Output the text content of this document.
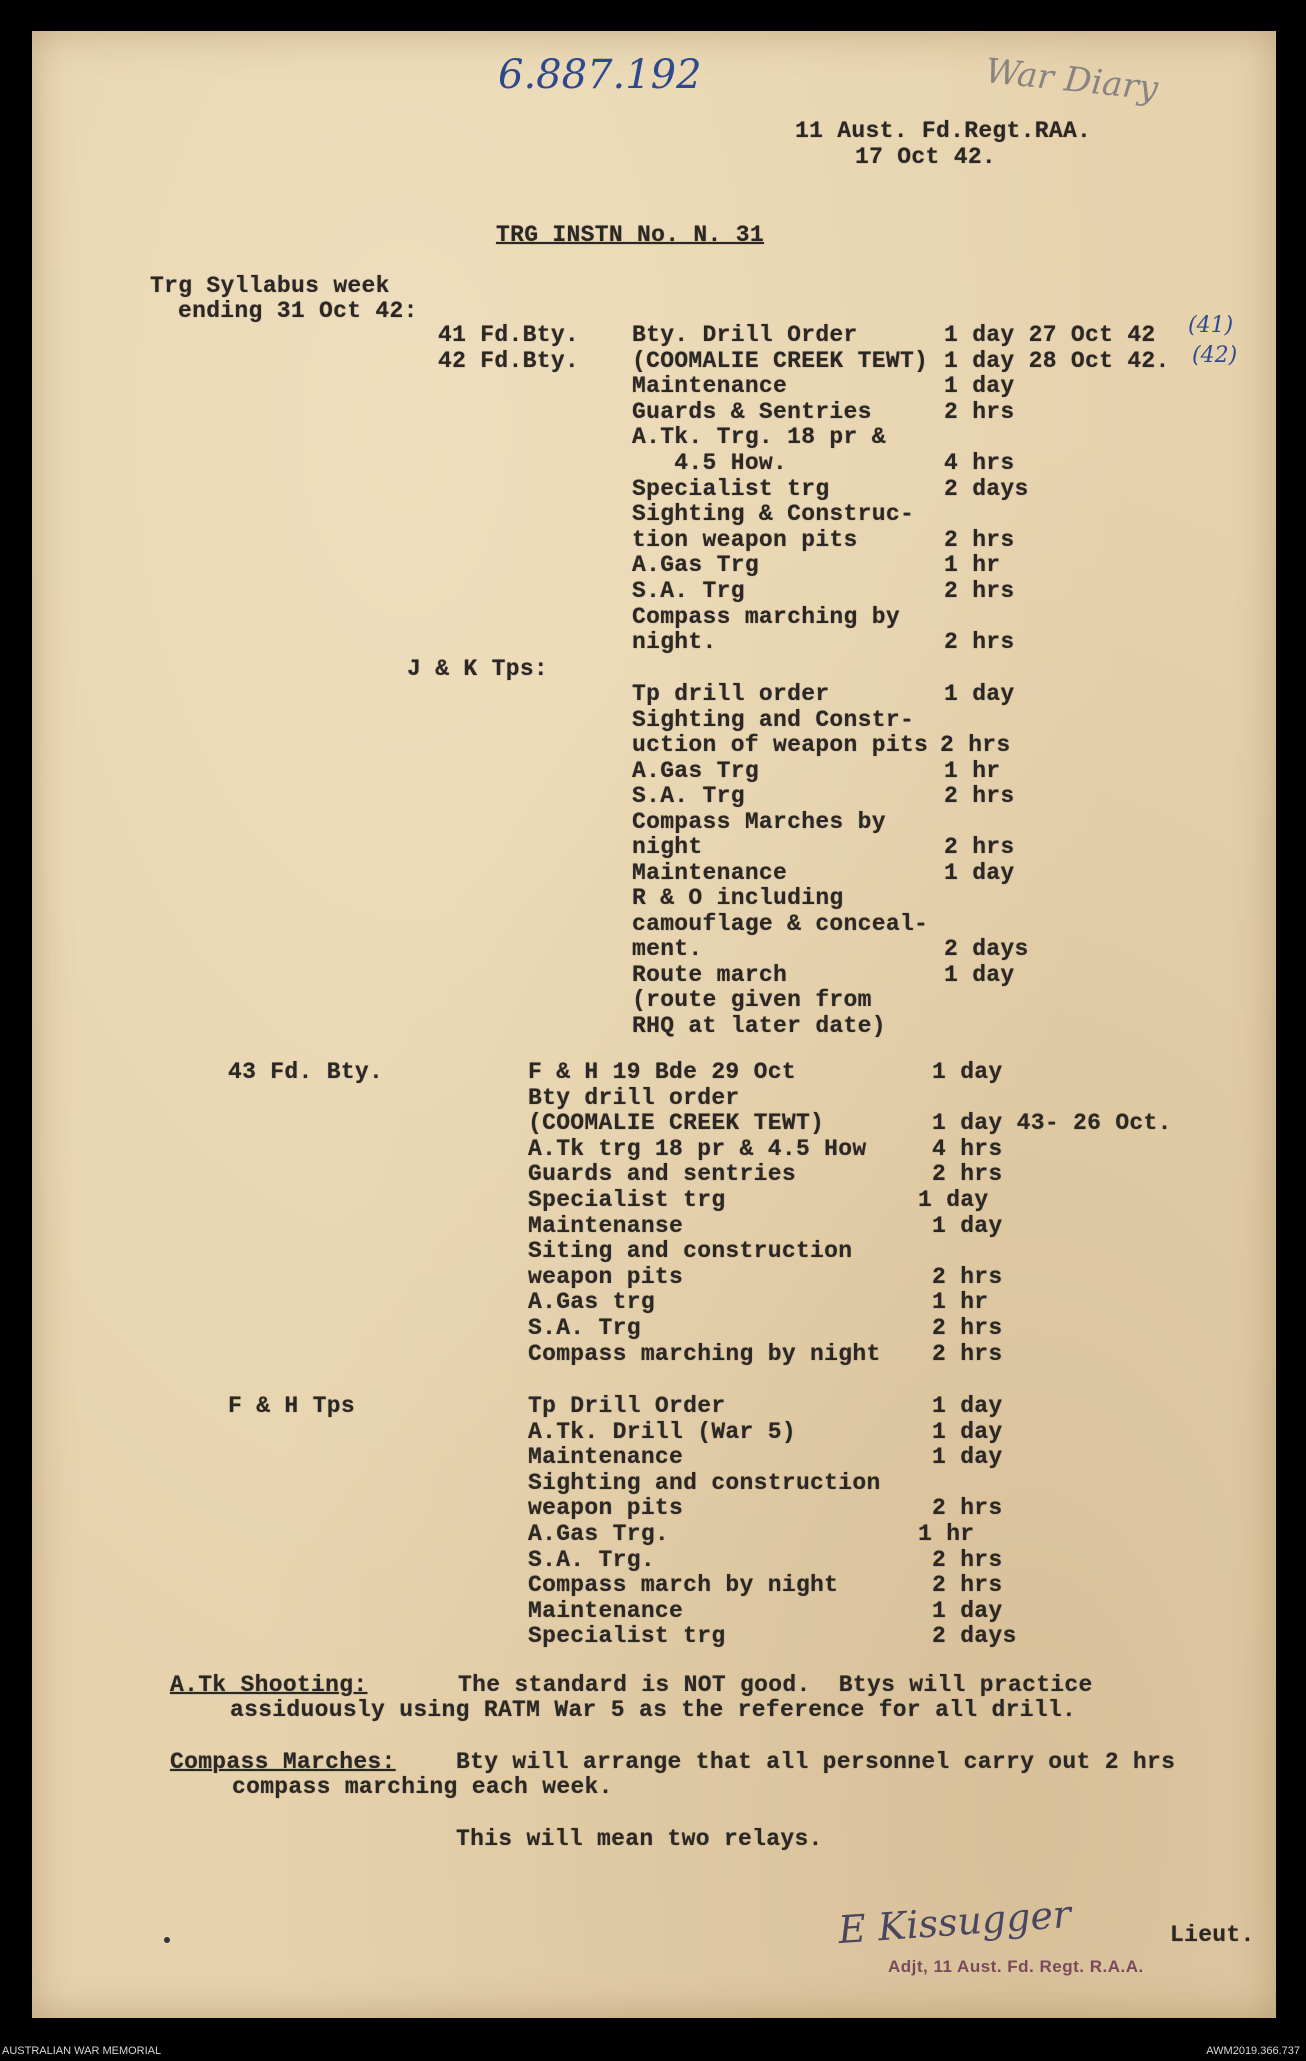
6.887.192	War Diary
(41)
(42)
11 Aust. Fd.Regt.RAA.
17 Oct 42.
TRG INSTN No. N. 31
Trg Syllabus week
ending 31 Oct 42:
41 Fd.Bty.
42 Fd.Bty.
Bty. Drill Order	1 day 27 Oct 42
(COOMALIE CREEK TEWT) 1 day 28 Oct 42.
Maintenance	1 day
Guards & Sentries	2 hrs
A.Tk. Trg. 18 pr &
4.5 How.	4 hrs
Specialist trg	2 days
Sighting & Construc-
tion weapon pits	2 hrs
A.Gas Trg	1 hr
S.A. Trg	2 hrs
Compass marching by
night.	2 hrs
J & K Tps:
Tp drill order	1 day
Sighting and Constr-
uction of weapon pits 2 hrs
A.Gas Trg	1 hr
S.A. Trg	2 hrs
Compass Marches by
night	2 hrs
Maintenance	1 day
R & O including
camouflage & conceal-
ment.	2 days
Route march	1 day
(route given from
RHQ at later date)
43 Fd. Bty.	F & H 19 Bde 29 Oct	1 day
Bty drill order
(COOMALIE CREEK TEWT)	1 day 43- 26 Oct.
A.Tk trg 18 pr & 4.5 How	4 hrs
Guards and sentries	2 hrs
Specialist trg	1 day
Maintenanse	1 day
Siting and construction
weapon pits	2 hrs
A.Gas trg	1 hr
S.A. Trg	2 hrs
Compass marching by night 2 hrs
F & H Tps	Tp Drill Order	1 day
A.Tk. Drill (War 5)	1 day
Maintenance	1 day
Sighting and construction
weapon pits	2 hrs
A.Gas Trg.	1 hr
S.A. Trg.	2 hrs
Compass march by night	2 hrs
Maintenance	1 day
Specialist trg	2 days
A.Tk Shooting:	The standard is NOT good.  Btys will practice
assiduously using RATM War 5 as the reference for all drill.
Compass Marches:	Bty will arrange that all personnel carry out 2 hrs
compass marching each week.
This will mean two relays.
E Kissugger	Lieut.
Adjt, 11 Aust. Fd. Regt. R.A.A.
AUSTRALIAN WAR MEMORIAL	AWM2019.366.737
